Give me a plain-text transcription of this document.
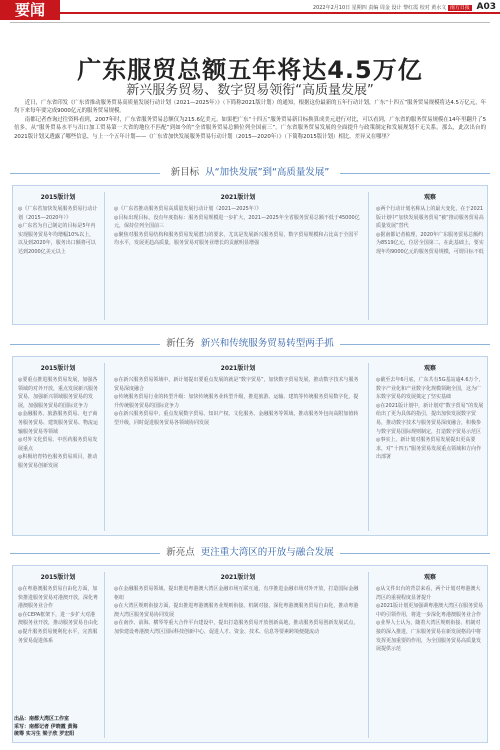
要闻	2022年2月10日 星期四 责编 周金 设计 黎红霞 校对 黄水文 南方日报 A03
广东服贸总额五年将达4.5万亿
新兴服务贸易、数字贸易领衔“高质量发展”

近日，广东省印发《广东省推动服务贸易高质量发展行动计划（2021—2025年）》（下简称2021版计划）的通知，根据这份最新的五年行动计划，广东“十四五”服务贸易规模将达4.5万亿元，年均下来每年要完成9000亿元的服务贸易规模。

南都记者查询过往资料看到，2007年时，广东省服务贸易总额仅为215.6亿美元。如果把广东“十四五”服务贸易新目标换算成美元进行对比，可以看到，广东省的服务贸易规模在14年里翻升了5倍多，从“服务贸易水平与出口加工贸易第一大省的地位不匹配”到如今的“全省服务贸易总额位列全国前三”。广东省服务贸易发展的全面提升与政策制定和发展规划不无关系。那么，此次出台的2021版计划又透露了哪些信息，与上一个五年计划——《广东省加快发展服务贸易行动计划（2015—2020年）》（下简称2015版计划）相比，差异又在哪里？

新目标 从“加快发展”到“高质量发展”
2015版计划
◎《广东省加快发展服务贸易行动计划（2015—2020年）》
◎广东省为自己制定的目标是5年内实现服务贸易年均增幅10%以上，以及到2020年，服务出口额将可以达到2000亿美元以上
2021版计划
◎《广东省推动服务贸易高质量发展行动计划（2021—2025年）》
◎目标出现目标，没有年度指标：服务贸易规模进一步扩大，2021—2025年全省服务贸易总额不低于45000亿元，保持位列全国前三
◎聚焦对服务贸易结构和服务贸易发展潜力的要求，尤其是发展新兴服务贸易，数字贸易规模和占比高于全国平均水平，发展更趋高质量，服务贸易对服务业增长的贡献明显增强
观察
◎两个行动计划名称从上的最大变化，在于2021版计划中“加快发展服务贸易”被“推动服务贸易高质量发展”替代
◎据南都记者梳理，2020年广东服务贸易总额约为8519亿元，位居全国第二，在此基础上，要实现年均9000亿元的服务贸易规模，可谓目标不低
新任务 新兴和传统服务贸易转型两手抓
2015版计划
◎要重点推进服务贸易发展，加强各领域的对外开放，重点发展新兴服务贸易，加强新兴领域服务贸易的发展，加强服务贸易的国际竞争力
◎金融服务、旅游服务贸易、电子商务服务贸易、建筑服务贸易、物流运输服务贸易等领域
◎对外文化贸易、中医药服务贸易发展重点
◎积极培育特色服务贸易项目，推动服务贸易创新发展
2021版计划
◎在新兴服务贸易领域中，新计划提出要重点发展的就是“数字贸易”，加快数字贸易发展，推动数字技术与服务贸易深度融合
◎传统服务贸易行业的转型升级：加快传统服务业转型升级，推进旅游、运输、建筑等传统服务贸易数字化，提升传统服务贸易的国际竞争力
◎在新兴服务贸易中，重点发展数字贸易、知识产权、文化服务、金融服务等领域，推动服务外包向高附加值转型升级，同时促进服务贸易各领域协同发展
观察
◎截至去年6月底，广东共有5G基站逾4.6万个，数字产业化和产业数字化规模领跑全国，这为广东数字贸易的发展奠定了坚实基础
◎在2021版计划中，新计划对“数字贸易”的发展给出了更为具体的指引，提出加快发展数字贸易，推动数字技术与服务贸易深度融合，积极参与数字贸易国际规则制定，打造数字贸易示范区
◎事实上，新计划对服务贸易发展提出更高要求，对“十四五”服务贸易发展重点领域和方向作出部署
新亮点 更注重大湾区的开放与融合发展
2015版计划
◎在粤港澳服务贸易自由化方面，加快推进服务贸易对港澳开放，深化粤港澳服务业合作
◎在CEPA框架下，进一步扩大对港澳服务业开放，推动服务贸易自由化
◎提升服务贸易便利化水平，完善服务贸易促进体系
2021版计划
◎在金融服务贸易领域，提出推进粤港澳大湾区金融市场互联互通，有序推进金融市场对外开放，打造国际金融枢纽
◎在大湾区规则衔接方面，提出推进粤港澳服务业规则衔接、机制对接，深化粤港澳服务贸易自由化，推动粤港澳大湾区服务贸易协同发展
◎在南沙、前海、横琴等重大合作平台建设中，提出打造服务贸易开放创新高地，推动服务贸易创新发展试点，加快建设粤港澳大湾区国际科技创新中心，促进人才、资金、技术、信息等要素跨境便捷流动
观察
◎从文件出台的背景来看，两个计划对粤港澳大湾区的重视程度显著提升
◎2021版计划更加强调粤港澳大湾区在服务贸易中的引领作用，将进一步深化粤港澳服务业合作
◎业界人士认为，随着大湾区规则衔接、机制对接的深入推进，广东服务贸易在新发展格局中将发挥更加重要的作用，为全国服务贸易高质量发展提供示范
出品：南都大湾区工作室
采写：南都记者 伊晓霞 黄海
统筹 实习生 梁子欣 罗宏阳
